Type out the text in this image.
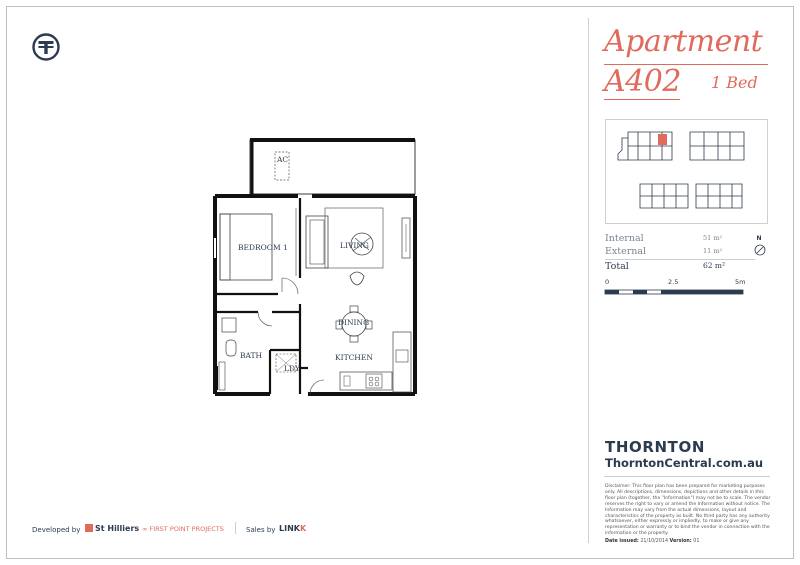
AC
BEDROOM 1	LIVING
DINING
KITCHEN
BATH
LDY
Apartment
A402 1 Bed
Internal	51 m²
External	11 m²
Total	62 m²
N
0	2.5	5m
THORNTON
ThorntonCentral.com.au
Disclaimer: This floor plan has been prepared for marketing purposes only. All descriptions, dimensions, depictions and other details in this floor plan (together, the "Information") may not be to scale. The vendor reserves the right to vary or amend the Information without notice. The Information may vary from the actual dimensions, layout and characteristics of the property as built. No third party has any authority whatsoever, either expressly or impliedly, to make or give any representation or warranty or to bind the vendor in connection with the information or the property.
Date issued: 21/10/2014 Version: 01
Developed by	St Hilliers ∞ FIRST POINT PROJECTS	Sales by LINKK
